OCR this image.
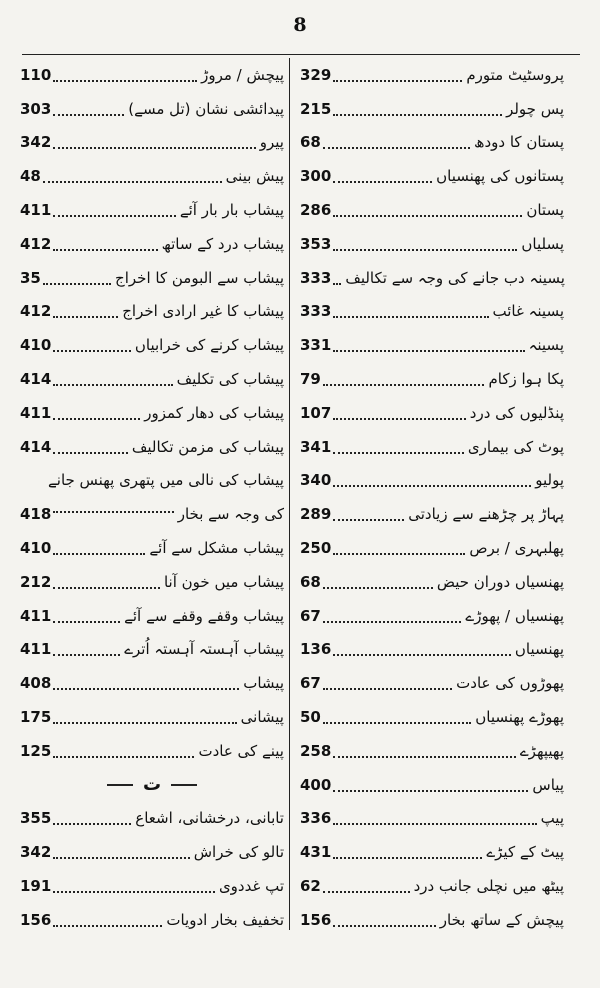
8
110	پیچش / مروڑ
303	پیدائشی نشان (تل مسے)
342	پیرو
48	پیش بینی
411	پیشاب بار بار آئے
412	پیشاب درد کے ساتھ
35	پیشاب سے البومن کا اخراج
412	پیشاب کا غیر ارادی اخراج
410	پیشاب کرنے کی خرابیاں
414	پیشاب کی تکلیف
411	پیشاب کی دھار کمزور
414	پیشاب کی مزمن تکالیف
پیشاب کی نالی میں پتھری پھنس جانے
418	کی وجہ سے بخار
410	پیشاب مشکل سے آئے
212	پیشاب میں خون آنا
411	پیشاب وقفے وقفے سے آئے
411	پیشاب آہستہ آہستہ اُترے
408	پیشاب
175	پیشانی
125	پینے کی عادت
ت
355	تابانی، درخشانی، اشعاع
342	تالو کی خراش
191	تپ غددوی
156	تخفیف بخار ادویات
329	پروسٹیٹ متورم
215	پس چولر
68	پستان کا دودھ
300	پستانوں کی پھنسیاں
286	پستان
353	پسلیاں
333 پسینہ دب جانے کی وجہ سے تکالیف
333	پسینہ غائب
331	پسینہ
79	پکا ہوا زکام
107	پنڈلیوں کی درد
341	پوٹ کی بیماری
340	پولیو
289	پہاڑ پر چڑھنے سے زیادتی
250	پھلبہری / برص
68	پھنسیاں دوران حیض
67	پھنسیاں / پھوڑے
136	پھنسیاں
67	پھوڑوں کی عادت
50	پھوڑے پھنسیاں
258	پھیپھڑے
400	پیاس
336	پیپ
431	پیٹ کے کیڑے
62	پیٹھ میں نچلی جانب درد
156	پیچش کے ساتھ بخار
